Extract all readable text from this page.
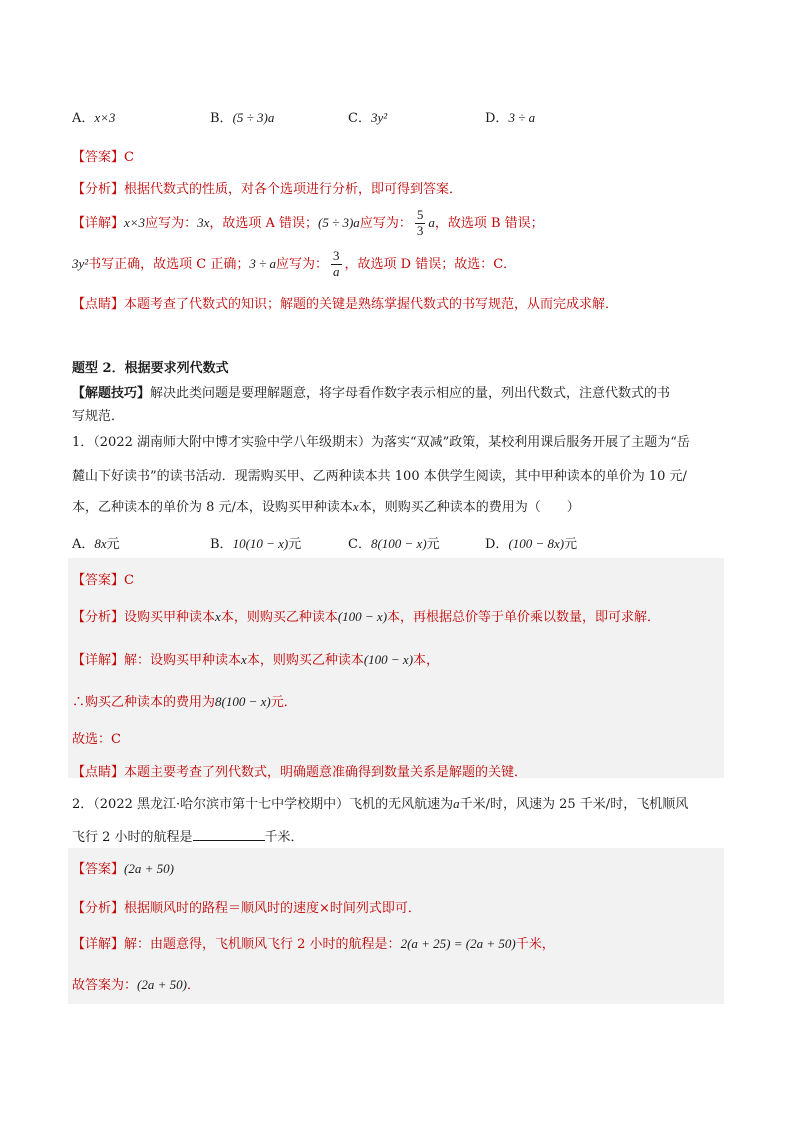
A．x×3	B．(5 ÷ 3)a	C．3y²	D．3 ÷ a
【答案】C
【分析】根据代数式的性质，对各个选项进行分析，即可得到答案．
【详解】x×3应写为：3x，故选项 A 错误；(5 ÷ 3)a应写为： $\frac{5}{3}$ a，故选项 B 错误；
3y²书写正确，故选项 C 正确；3 ÷ a应写为： $\frac{3}{a}$ ，故选项 D 错误；故选：C．
【点睛】本题考查了代数式的知识；解题的关键是熟练掌握代数式的书写规范，从而完成求解．
题型 2．根据要求列代数式
【解题技巧】解决此类问题是要理解题意，将字母看作数字表示相应的量，列出代数式，注意代数式的书
写规范．
1．（2022 湖南师大附中博才实验中学八年级期末）为落实“双减”政策，某校利用课后服务开展了主题为“岳
麓山下好读书”的读书活动．现需购买甲、乙两种读本共 100 本供学生阅读，其中甲种读本的单价为 10 元/
本，乙种读本的单价为 8 元/本，设购买甲种读本x本，则购买乙种读本的费用为（　　）
A．8x元	B．10(10 − x)元	C．8(100 − x)元	D．(100 − 8x)元
【答案】C
【分析】设购买甲种读本x本，则购买乙种读本(100 − x)本，再根据总价等于单价乘以数量，即可求解．
【详解】解：设购买甲种读本x本，则购买乙种读本(100 − x)本，
∴购买乙种读本的费用为8(100 − x)元．
故选：C
【点睛】本题主要考查了列代数式，明确题意准确得到数量关系是解题的关键．
2．（2022 黑龙江·哈尔滨市第十七中学校期中）飞机的无风航速为a千米/时，风速为 25 千米/时，飞机顺风
飞行 2 小时的航程是	千米．
【答案】(2a + 50)
【分析】根据顺风时的路程＝顺风时的速度×时间列式即可．
【详解】解：由题意得，飞机顺风飞行 2 小时的航程是：2(a + 25) = (2a + 50)千米，
故答案为：(2a + 50)．
